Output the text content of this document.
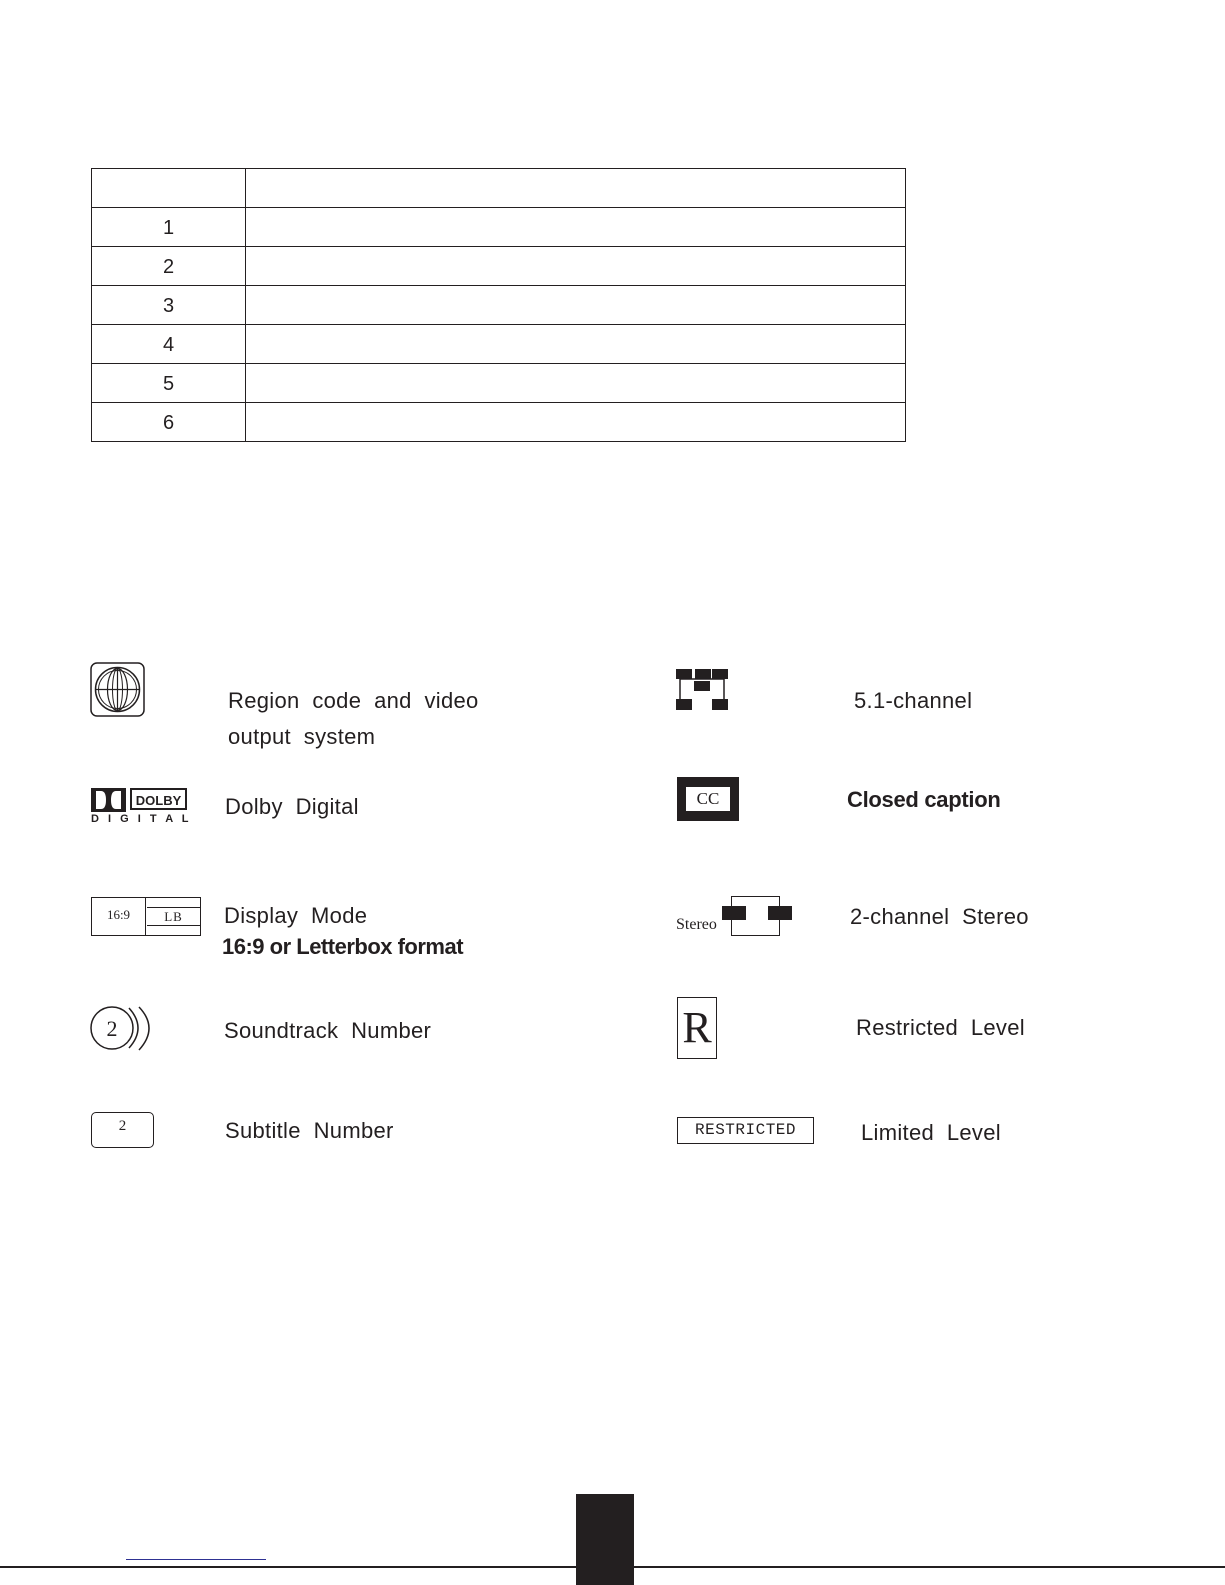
1	
2	
3	
4	
5	
6	
Region  code  and  video
output  system
DOLBY
D I G I T A L Dolby  Digital
16:9	LB	Display  Mode
16:9 or Letterbox format
2	Soundtrack  Number
2	Subtitle  Number
5.1-channel
CC	Closed caption
Stereo	2-channel  Stereo
R	Restricted  Level
RESTRICTED	Limited  Level
